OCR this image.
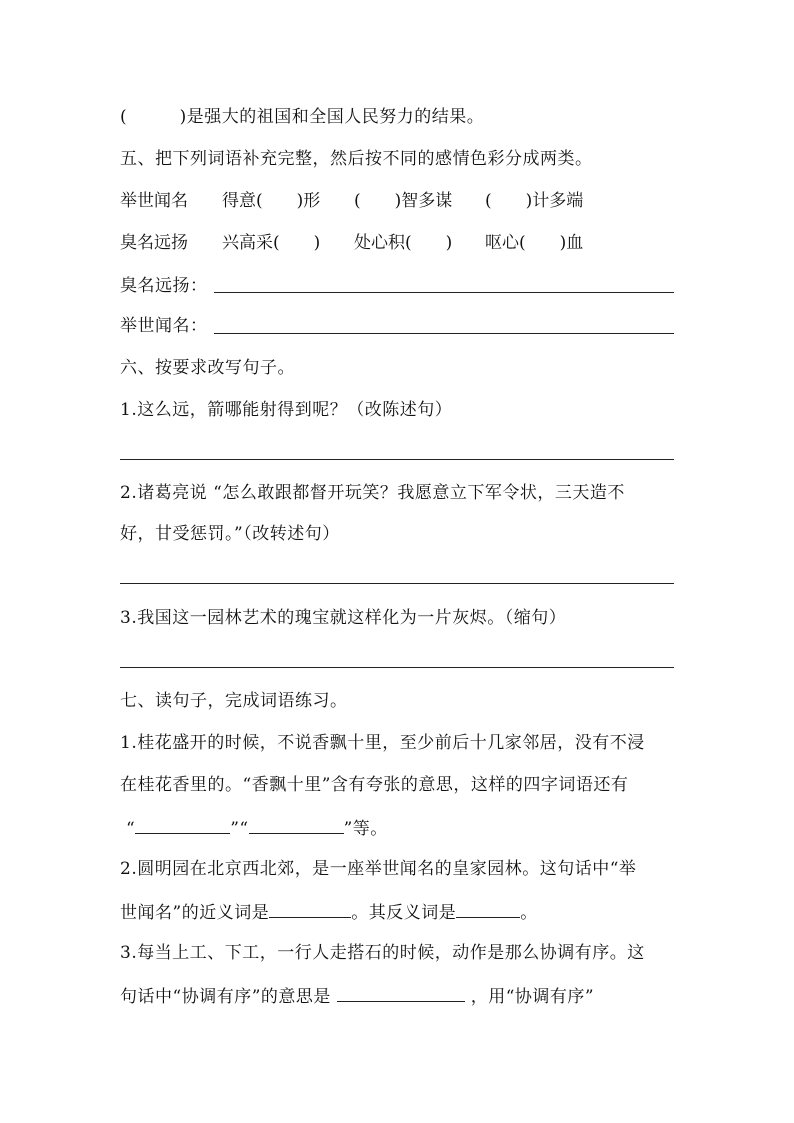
(　　　)是强大的祖国和全国人民努力的结果。
五、把下列词语补充完整，然后按不同的感情色彩分成两类。
举世闻名 得意(　　)形 (　　)智多谋 (　　)计多端
臭名远扬 兴高采(　　) 处心积(　　) 呕心(　　)血
臭名远扬：
举世闻名：
六、按要求改写句子。
1.这么远，箭哪能射得到呢？（改陈述句）
2.诸葛亮说 “怎么敢跟都督开玩笑？我愿意立下军令状，三天造不
好，甘受惩罚。”（改转述句）
3.我国这一园林艺术的瑰宝就这样化为一片灰烬。（缩句）
七、读句子，完成词语练习。
1.桂花盛开的时候，不说香飘十里，至少前后十几家邻居，没有不浸
在桂花香里的。“香飘十里”含有夸张的意思，这样的四字词语还有
“	”“	”等。
2.圆明园在北京西北郊，是一座举世闻名的皇家园林。这句话中“举
世闻名”的近义词是	。其反义词是	。
3.每当上工、下工，一行人走搭石的时候，动作是那么协调有序。这
句话中“协调有序”的意思是	，用“协调有序”
